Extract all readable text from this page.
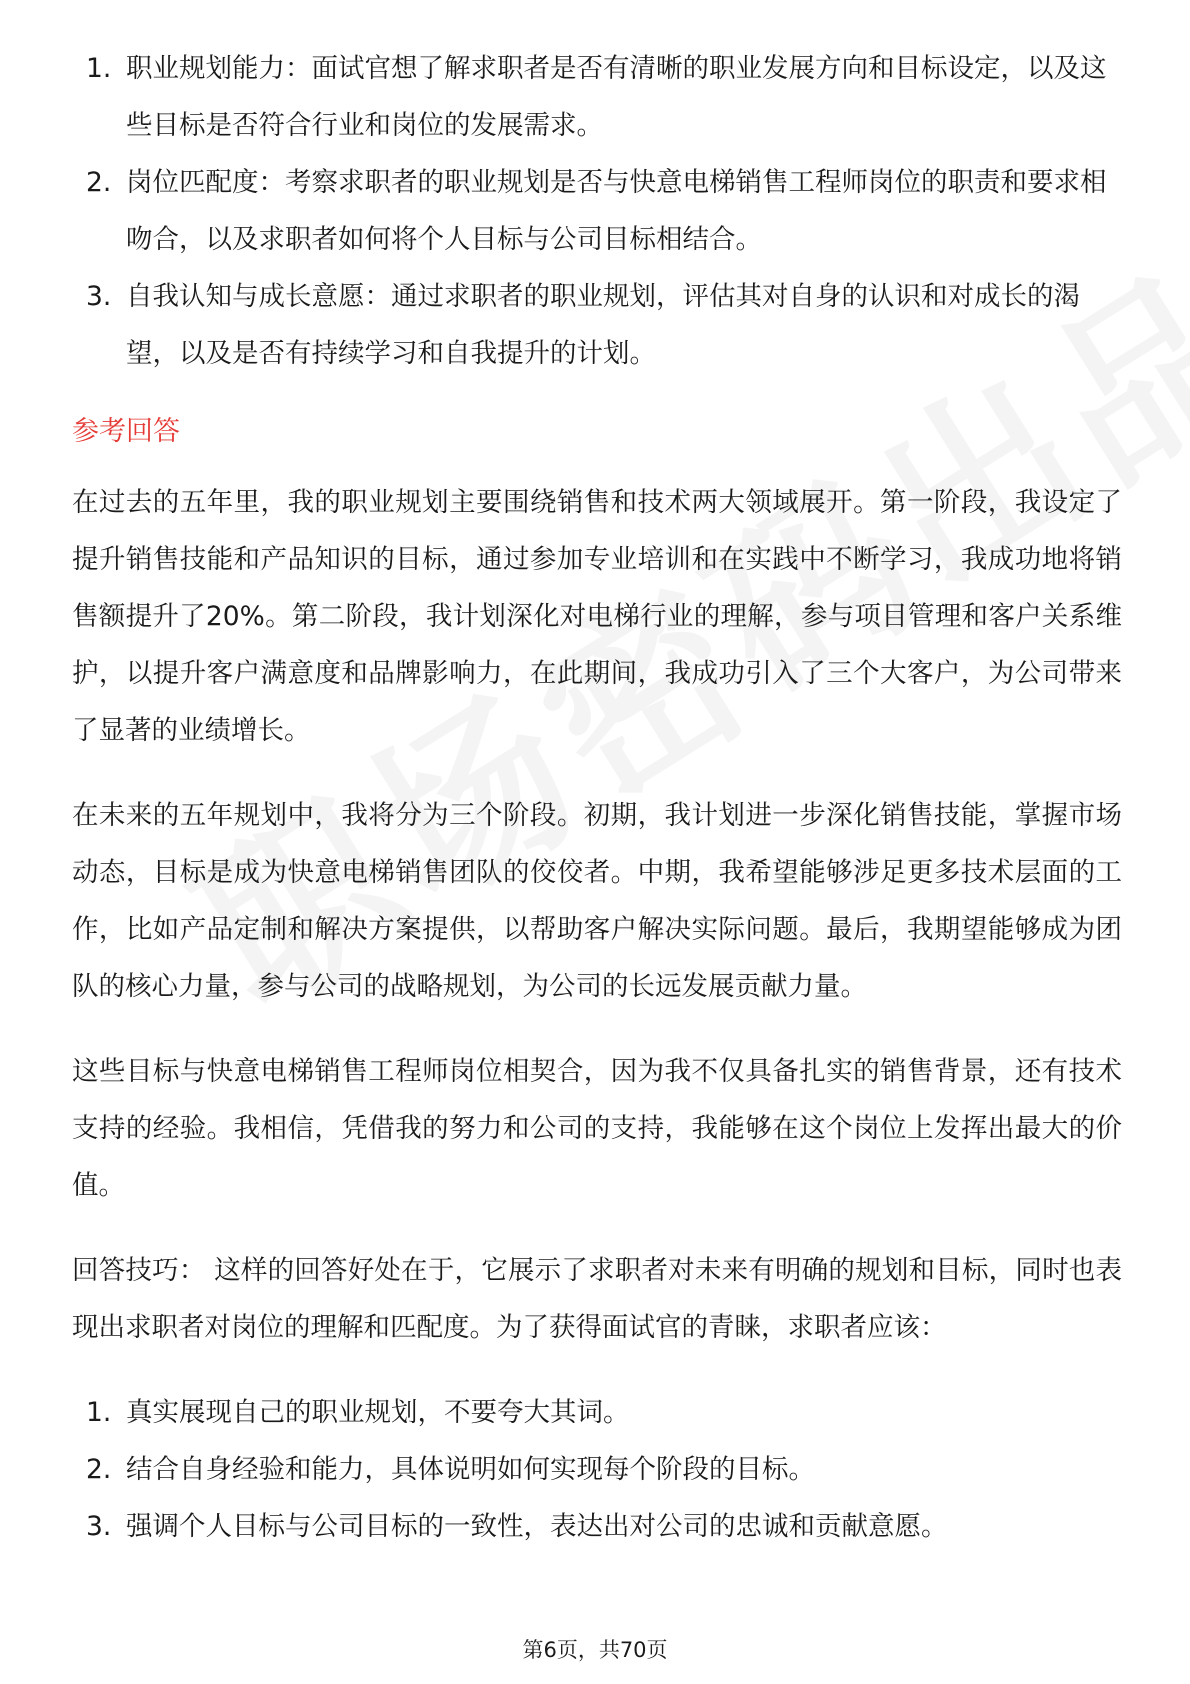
1. 职业规划能力：面试官想了解求职者是否有清晰的职业发展方向和目标设定，以及这些目标是否符合行业和岗位的发展需求。
2. 岗位匹配度：考察求职者的职业规划是否与快意电梯销售工程师岗位的职责和要求相吻合，以及求职者如何将个人目标与公司目标相结合。
3. 自我认知与成长意愿：通过求职者的职业规划，评估其对自身的认识和对成长的渴望，以及是否有持续学习和自我提升的计划。
参考回答

在过去的五年里，我的职业规划主要围绕销售和技术两大领域展开。第一阶段，我设定了提升销售技能和产品知识的目标，通过参加专业培训和在实践中不断学习，我成功地将销售额提升了20%。第二阶段，我计划深化对电梯行业的理解，参与项目管理和客户关系维护，以提升客户满意度和品牌影响力，在此期间，我成功引入了三个大客户，为公司带来了显著的业绩增长。

在未来的五年规划中，我将分为三个阶段。初期，我计划进一步深化销售技能，掌握市场动态，目标是成为快意电梯销售团队的佼佼者。中期，我希望能够涉足更多技术层面的工作，比如产品定制和解决方案提供，以帮助客户解决实际问题。最后，我期望能够成为团队的核心力量，参与公司的战略规划，为公司的长远发展贡献力量。

这些目标与快意电梯销售工程师岗位相契合，因为我不仅具备扎实的销售背景，还有技术支持的经验。我相信，凭借我的努力和公司的支持，我能够在这个岗位上发挥出最大的价值。

回答技巧： 这样的回答好处在于，它展示了求职者对未来有明确的规划和目标，同时也表现出求职者对岗位的理解和匹配度。为了获得面试官的青睐，求职者应该：

1. 真实展现自己的职业规划，不要夸大其词。
2. 结合自身经验和能力，具体说明如何实现每个阶段的目标。
3. 强调个人目标与公司目标的一致性，表达出对公司的忠诚和贡献意愿。
第6页，共70页
